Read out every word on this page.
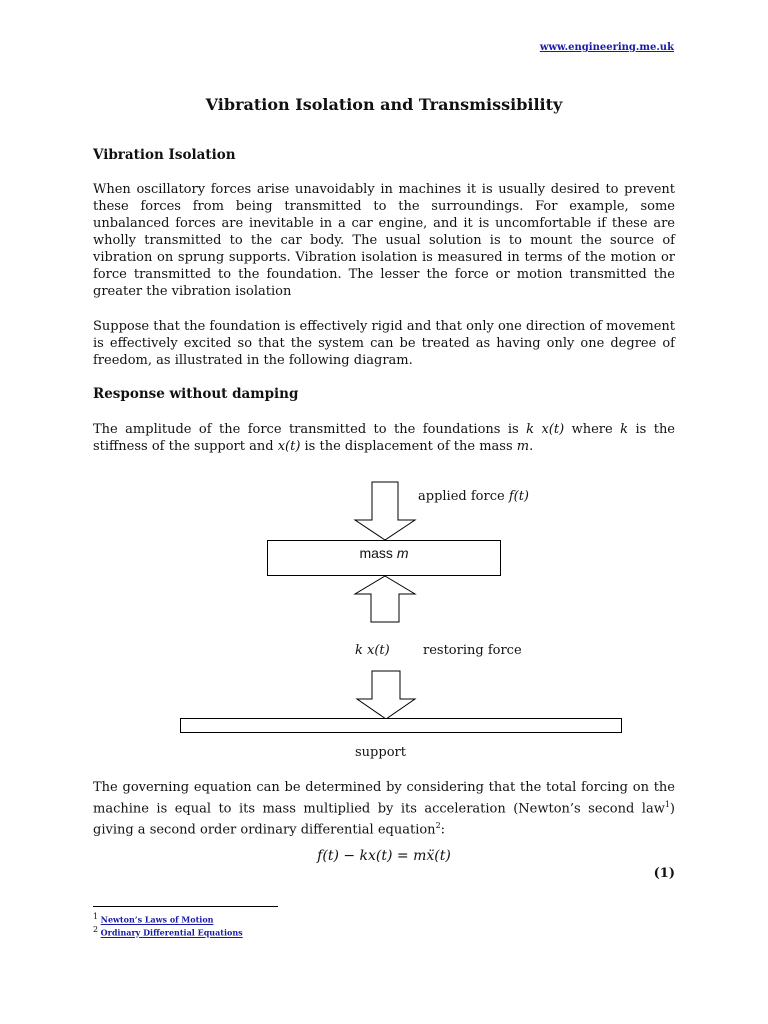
www.engineering.me.uk
Vibration Isolation and Transmissibility
Vibration Isolation

When oscillatory forces arise unavoidably in machines it is usually desired to prevent these forces from being transmitted to the surroundings. For example, some unbalanced forces are inevitable in a car engine, and it is uncomfortable if these are wholly transmitted to the car body. The usual solution is to mount the source of vibration on sprung supports. Vibration isolation is measured in terms of the motion or force transmitted to the foundation. The lesser the force or motion transmitted the greater the vibration isolation

Suppose that the foundation is effectively rigid and that only one direction of movement is effectively excited so that the system can be treated as having only one degree of freedom, as illustrated in the following diagram.

Response without damping

The amplitude of the force transmitted to the foundations is k x(t) where k is the stiffness of the support and x(t) is the displacement of the mass m.

applied force f(t)
mass m
k x(t)	restoring force
support

The governing equation can be determined by considering that the total forcing on the machine is equal to its mass multiplied by its acceleration (Newton’s second law$^1$) giving a second order ordinary differential equation$^2$:

f(t) − kx(t) = mẍ(t)
(1)
$^1$ Newton’s Laws of Motion
$^2$ Ordinary Differential Equations
